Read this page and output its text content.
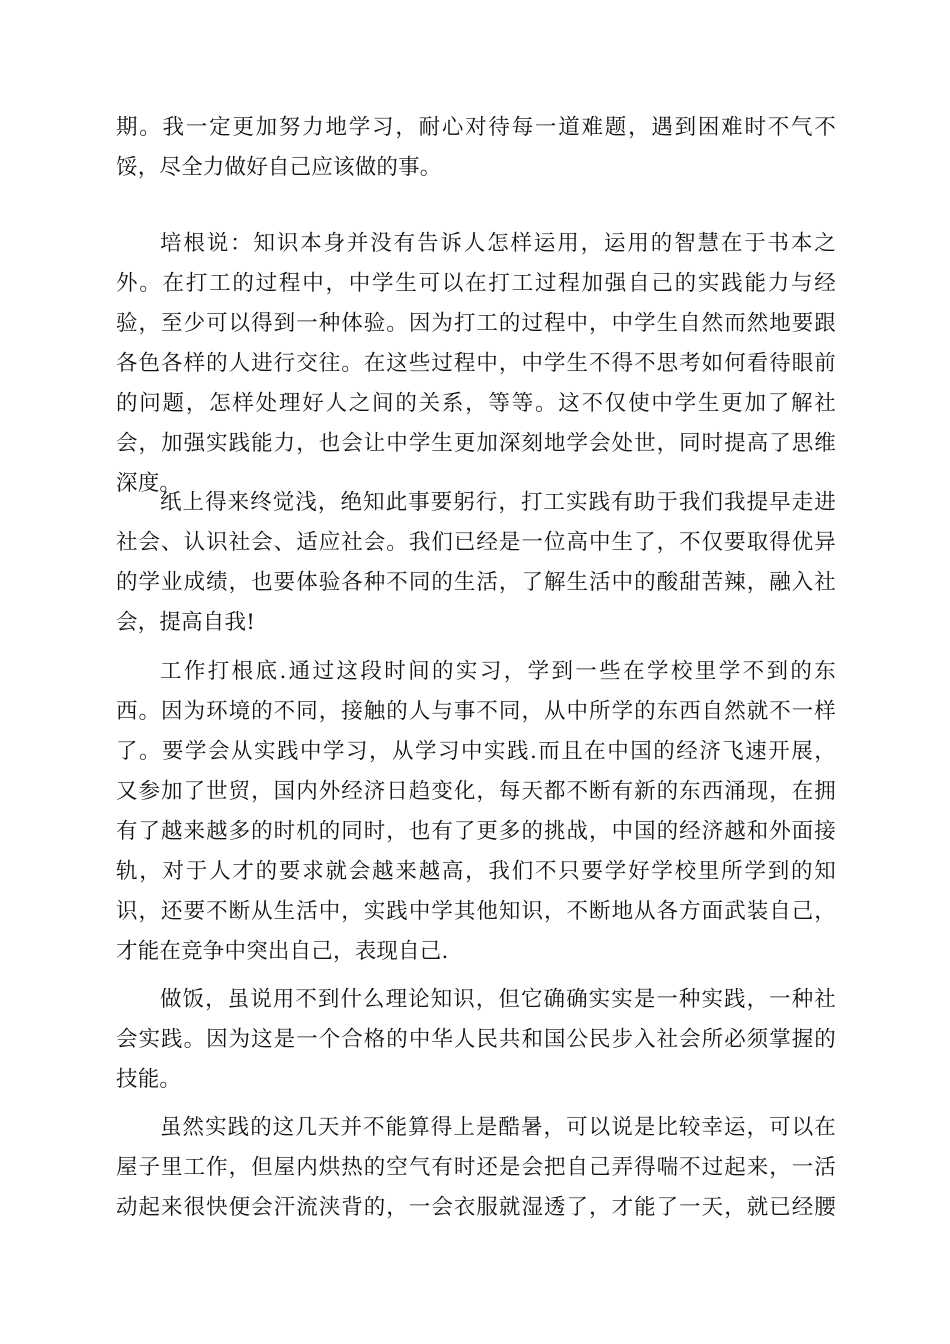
期。我一定更加努力地学习，耐心对待每一道难题，遇到困难时不气不
馁，尽全力做好自己应该做的事。

培根说：知识本身并没有告诉人怎样运用，运用的智慧在于书本之
外。在打工的过程中，中学生可以在打工过程加强自己的实践能力与经
验，至少可以得到一种体验。因为打工的过程中，中学生自然而然地要跟
各色各样的人进行交往。在这些过程中，中学生不得不思考如何看待眼前
的问题，怎样处理好人之间的关系，等等。这不仅使中学生更加了解社
会，加强实践能力，也会让中学生更加深刻地学会处世，同时提高了思维
深度。

纸上得来终觉浅，绝知此事要躬行，打工实践有助于我们我提早走进
社会、认识社会、适应社会。我们已经是一位高中生了，不仅要取得优异
的学业成绩，也要体验各种不同的生活，了解生活中的酸甜苦辣，融入社
会，提高自我!

工作打根底.通过这段时间的实习，学到一些在学校里学不到的东
西。因为环境的不同，接触的人与事不同，从中所学的东西自然就不一样
了。要学会从实践中学习，从学习中实践.而且在中国的经济飞速开展，
又参加了世贸，国内外经济日趋变化，每天都不断有新的东西涌现，在拥
有了越来越多的时机的同时，也有了更多的挑战，中国的经济越和外面接
轨，对于人才的要求就会越来越高，我们不只要学好学校里所学到的知
识，还要不断从生活中，实践中学其他知识，不断地从各方面武装自己，
才能在竞争中突出自己，表现自己.

做饭，虽说用不到什么理论知识，但它确确实实是一种实践，一种社
会实践。因为这是一个合格的中华人民共和国公民步入社会所必须掌握的
技能。

虽然实践的这几天并不能算得上是酷暑，可以说是比较幸运，可以在
屋子里工作，但屋内烘热的空气有时还是会把自己弄得喘不过起来，一活
动起来很快便会汗流浃背的，一会衣服就湿透了，才能了一天，就已经腰
